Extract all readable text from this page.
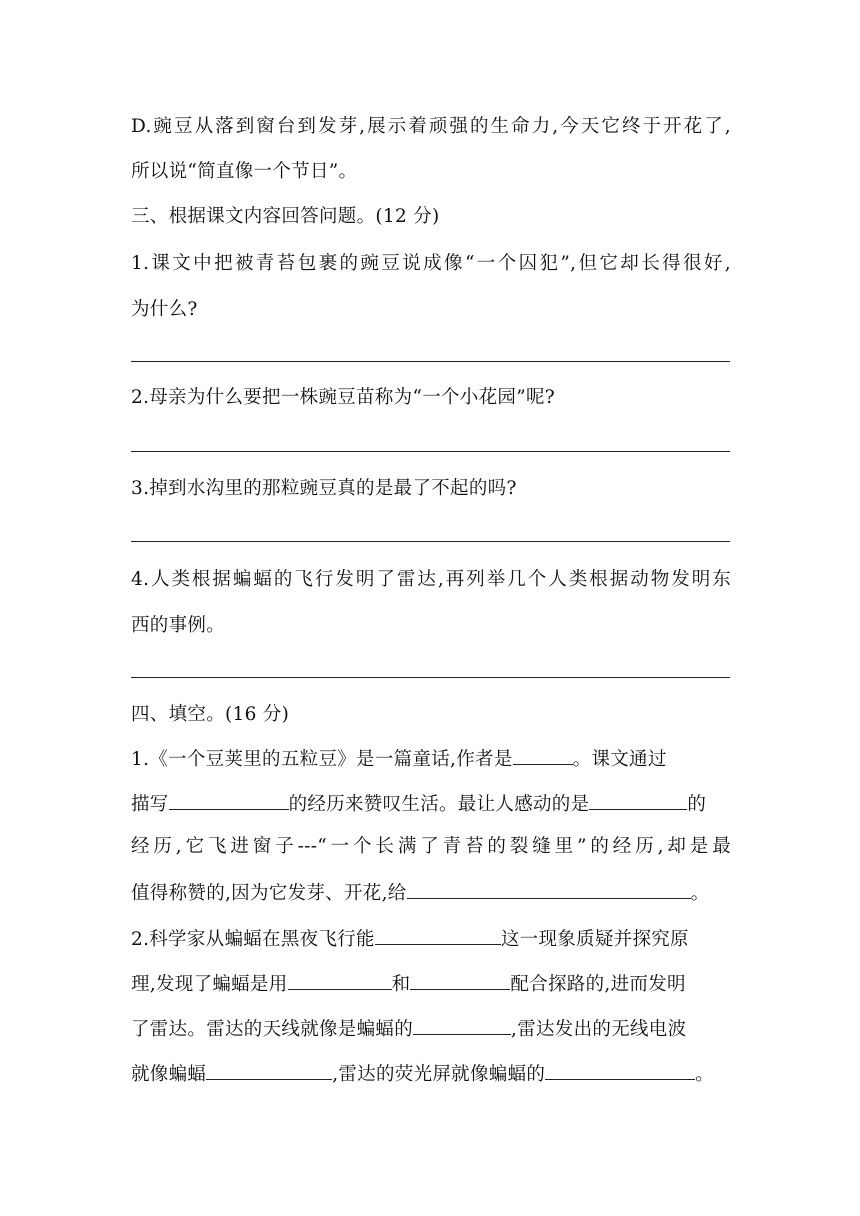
D.豌豆从落到窗台到发芽,展示着顽强的生命力,今天它终于开花了,
所以说“简直像一个节日”。
三、根据课文内容回答问题。(12 分)
1.课文中把被青苔包裹的豌豆说成像“一个囚犯”,但它却长得很好,
为什么?
2.母亲为什么要把一株豌豆苗称为“一个小花园”呢?
3.掉到水沟里的那粒豌豆真的是最了不起的吗?
4.人类根据蝙蝠的飞行发明了雷达,再列举几个人类根据动物发明东
西的事例。
四、填空。(16 分)
1.《一个豆荚里的五粒豆》是一篇童话,作者是	。课文通过
描写	的经历来赞叹生活。最让人感动的是	的
经历,它飞进窗子---“一个长满了青苔的裂缝里”的经历,却是最
值得称赞的,因为它发芽、开花,给	。
2.科学家从蝙蝠在黑夜飞行能	这一现象质疑并探究原
理,发现了蝙蝠是用	和	配合探路的,进而发明
了雷达。雷达的天线就像是蝙蝠的	,雷达发出的无线电波
就像蝙蝠	,雷达的荧光屏就像蝙蝠的	。
